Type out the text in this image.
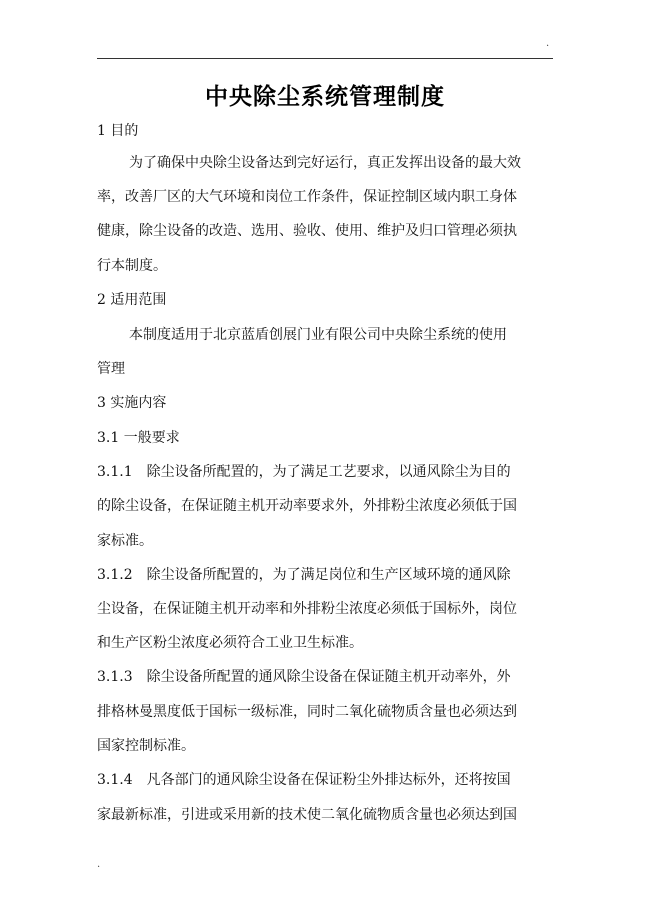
.
中央除尘系统管理制度
1 目的
为了确保中央除尘设备达到完好运行，真正发挥出设备的最大效
率，改善厂区的大气环境和岗位工作条件，保证控制区域内职工身体
健康，除尘设备的改造、选用、验收、使用、维护及归口管理必须执
行本制度。
2 适用范围
本制度适用于北京蓝盾创展门业有限公司中央除尘系统的使用
管理
3 实施内容
3.1 一般要求
3.1.1　除尘设备所配置的，为了满足工艺要求，以通风除尘为目的
的除尘设备，在保证随主机开动率要求外，外排粉尘浓度必须低于国
家标准。
3.1.2　除尘设备所配置的，为了满足岗位和生产区域环境的通风除
尘设备，在保证随主机开动率和外排粉尘浓度必须低于国标外，岗位
和生产区粉尘浓度必须符合工业卫生标准。
3.1.3　除尘设备所配置的通风除尘设备在保证随主机开动率外，外
排格林曼黑度低于国标一级标准，同时二氧化硫物质含量也必须达到
国家控制标准。
3.1.4　凡各部门的通风除尘设备在保证粉尘外排达标外，还将按国
家最新标准，引进或采用新的技术使二氧化硫物质含量也必须达到国
.
